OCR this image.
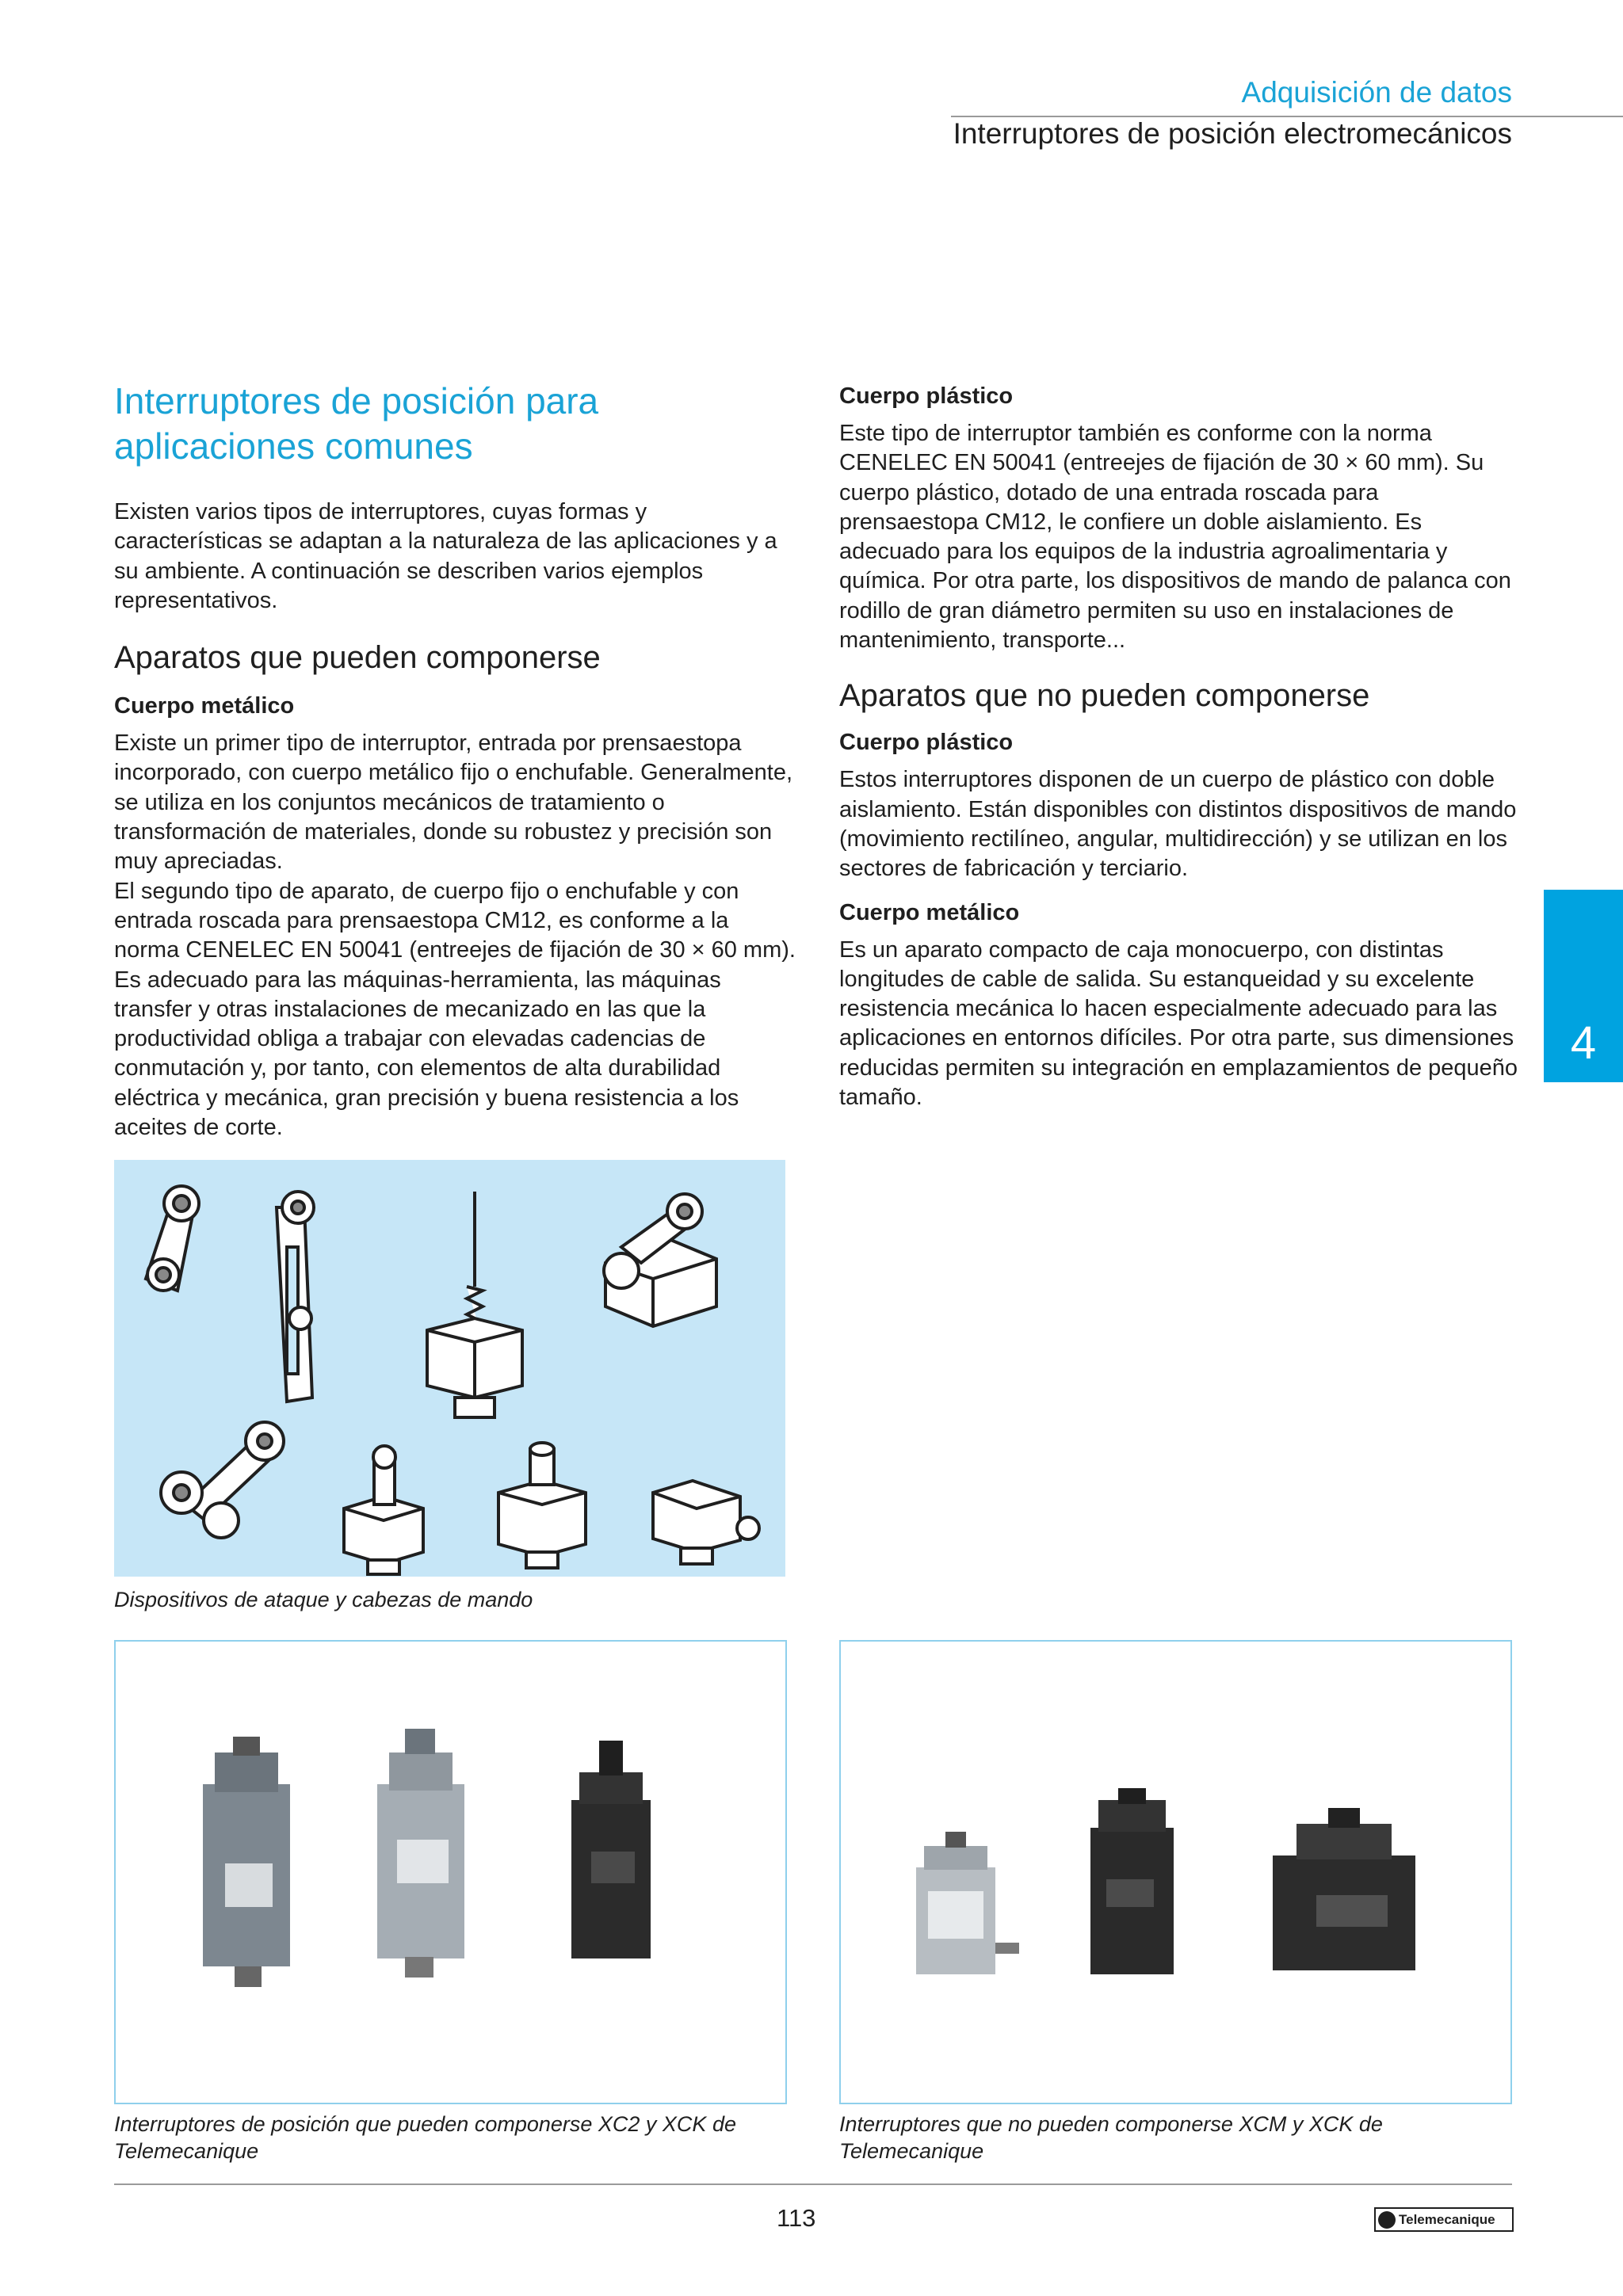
Adquisición de datos
Interruptores de posición electromecánicos
Interruptores de posición para aplicaciones comunes

Existen varios tipos de interruptores, cuyas formas y características se adaptan a la naturaleza de las aplicaciones y a su ambiente. A continuación se describen varios ejemplos representativos.

Aparatos que pueden componerse
Cuerpo metálico

Existe un primer tipo de interruptor, entrada por prensaestopa incorporado, con cuerpo metálico fijo o enchufable. Generalmente, se utiliza en los conjuntos mecánicos de tratamiento o transformación de materiales, donde su robustez y precisión son muy apreciadas.

El segundo tipo de aparato, de cuerpo fijo o enchufable y con entrada roscada para prensaestopa CM12, es conforme a la norma CENELEC EN 50041 (entreejes de fijación de 30 × 60 mm). Es adecuado para las máquinas-herramienta, las máquinas transfer y otras instalaciones de mecanizado en las que la productividad obliga a trabajar con elevadas cadencias de conmutación y, por tanto, con elementos de alta durabilidad eléctrica y mecánica, gran precisión y buena resistencia a los aceites de corte.

Cuerpo plástico

Este tipo de interruptor también es conforme con la norma CENELEC EN 50041 (entreejes de fijación de 30 × 60 mm). Su cuerpo plástico, dotado de una entrada roscada para prensaestopa CM12, le confiere un doble aislamiento. Es adecuado para los equipos de la industria agroalimentaria y química. Por otra parte, los dispositivos de mando de palanca con rodillo de gran diámetro permiten su uso en instalaciones de mantenimiento, transporte...

Aparatos que no pueden componerse
Cuerpo plástico

Estos interruptores disponen de un cuerpo de plástico con doble aislamiento. Están disponibles con distintos dispositivos de mando (movimiento rectilíneo, angular, multidirección) y se utilizan en los sectores de fabricación y terciario.

Cuerpo metálico

Es un aparato compacto de caja monocuerpo, con distintas longitudes de cable de salida. Su estanqueidad y su excelente resistencia mecánica lo hacen especialmente adecuado para las aplicaciones en entornos difíciles. Por otra parte, sus dimensiones reducidas permiten su integración en emplazamientos de pequeño tamaño.

4
Dispositivos de ataque y cabezas de mando
Interruptores de posición que pueden componerse XC2 y XCK de Telemecanique
Interruptores que no pueden componerse XCM y XCK de Telemecanique
113	Telemecanique
